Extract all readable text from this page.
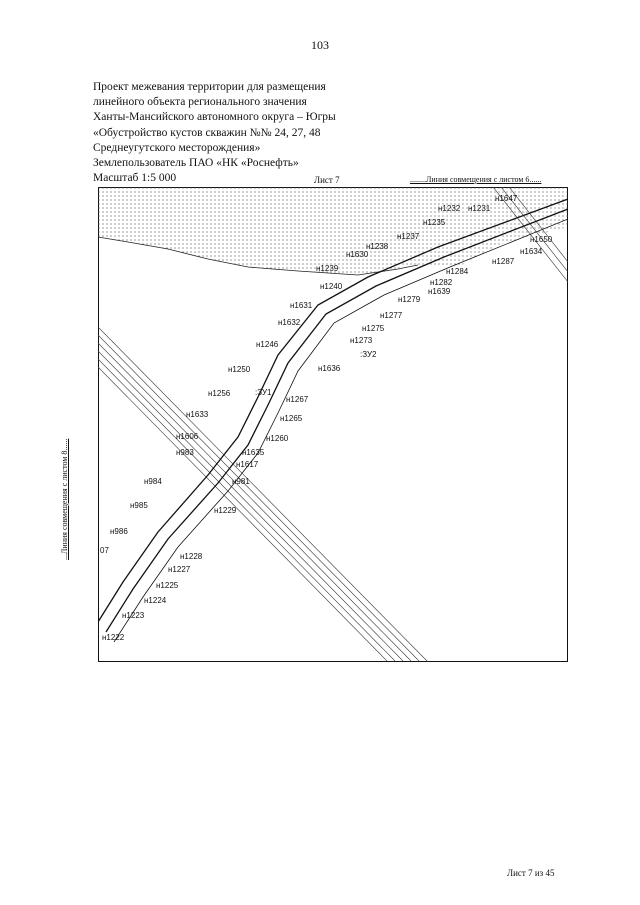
103
Проект межевания территории для размещения
линейного объекта регионального значения
Ханты-Мансийского автономного округа – Югры
«Обустройство кустов скважин №№ 24, 27, 48
Среднеугутского месторождения»
Землепользователь ПАО «НК «Роснефть»
Масштаб 1:5 000	Лист 7	........Линия совмещения с листом 6......
...Линия совмещения с листом 8......
н1647
н1232 н1231
н1235
н1650
н1237
н1238
н1634
н1630
н1287
н1239	н1284
н1282
н1240
н1639
н1279
н1631
н1277
н1632
н1275
н1273
н1246
:ЗУ2
н1636
н1250
н1256	:ЗУ1
н1267
н1633	н1265
н1606	н1260
н983	н1635
н1617
н981
н984
н1229
н985
н986
07
н1228
н1227
н1225
н1224
н1223
н1222
Лист 7 из 45
